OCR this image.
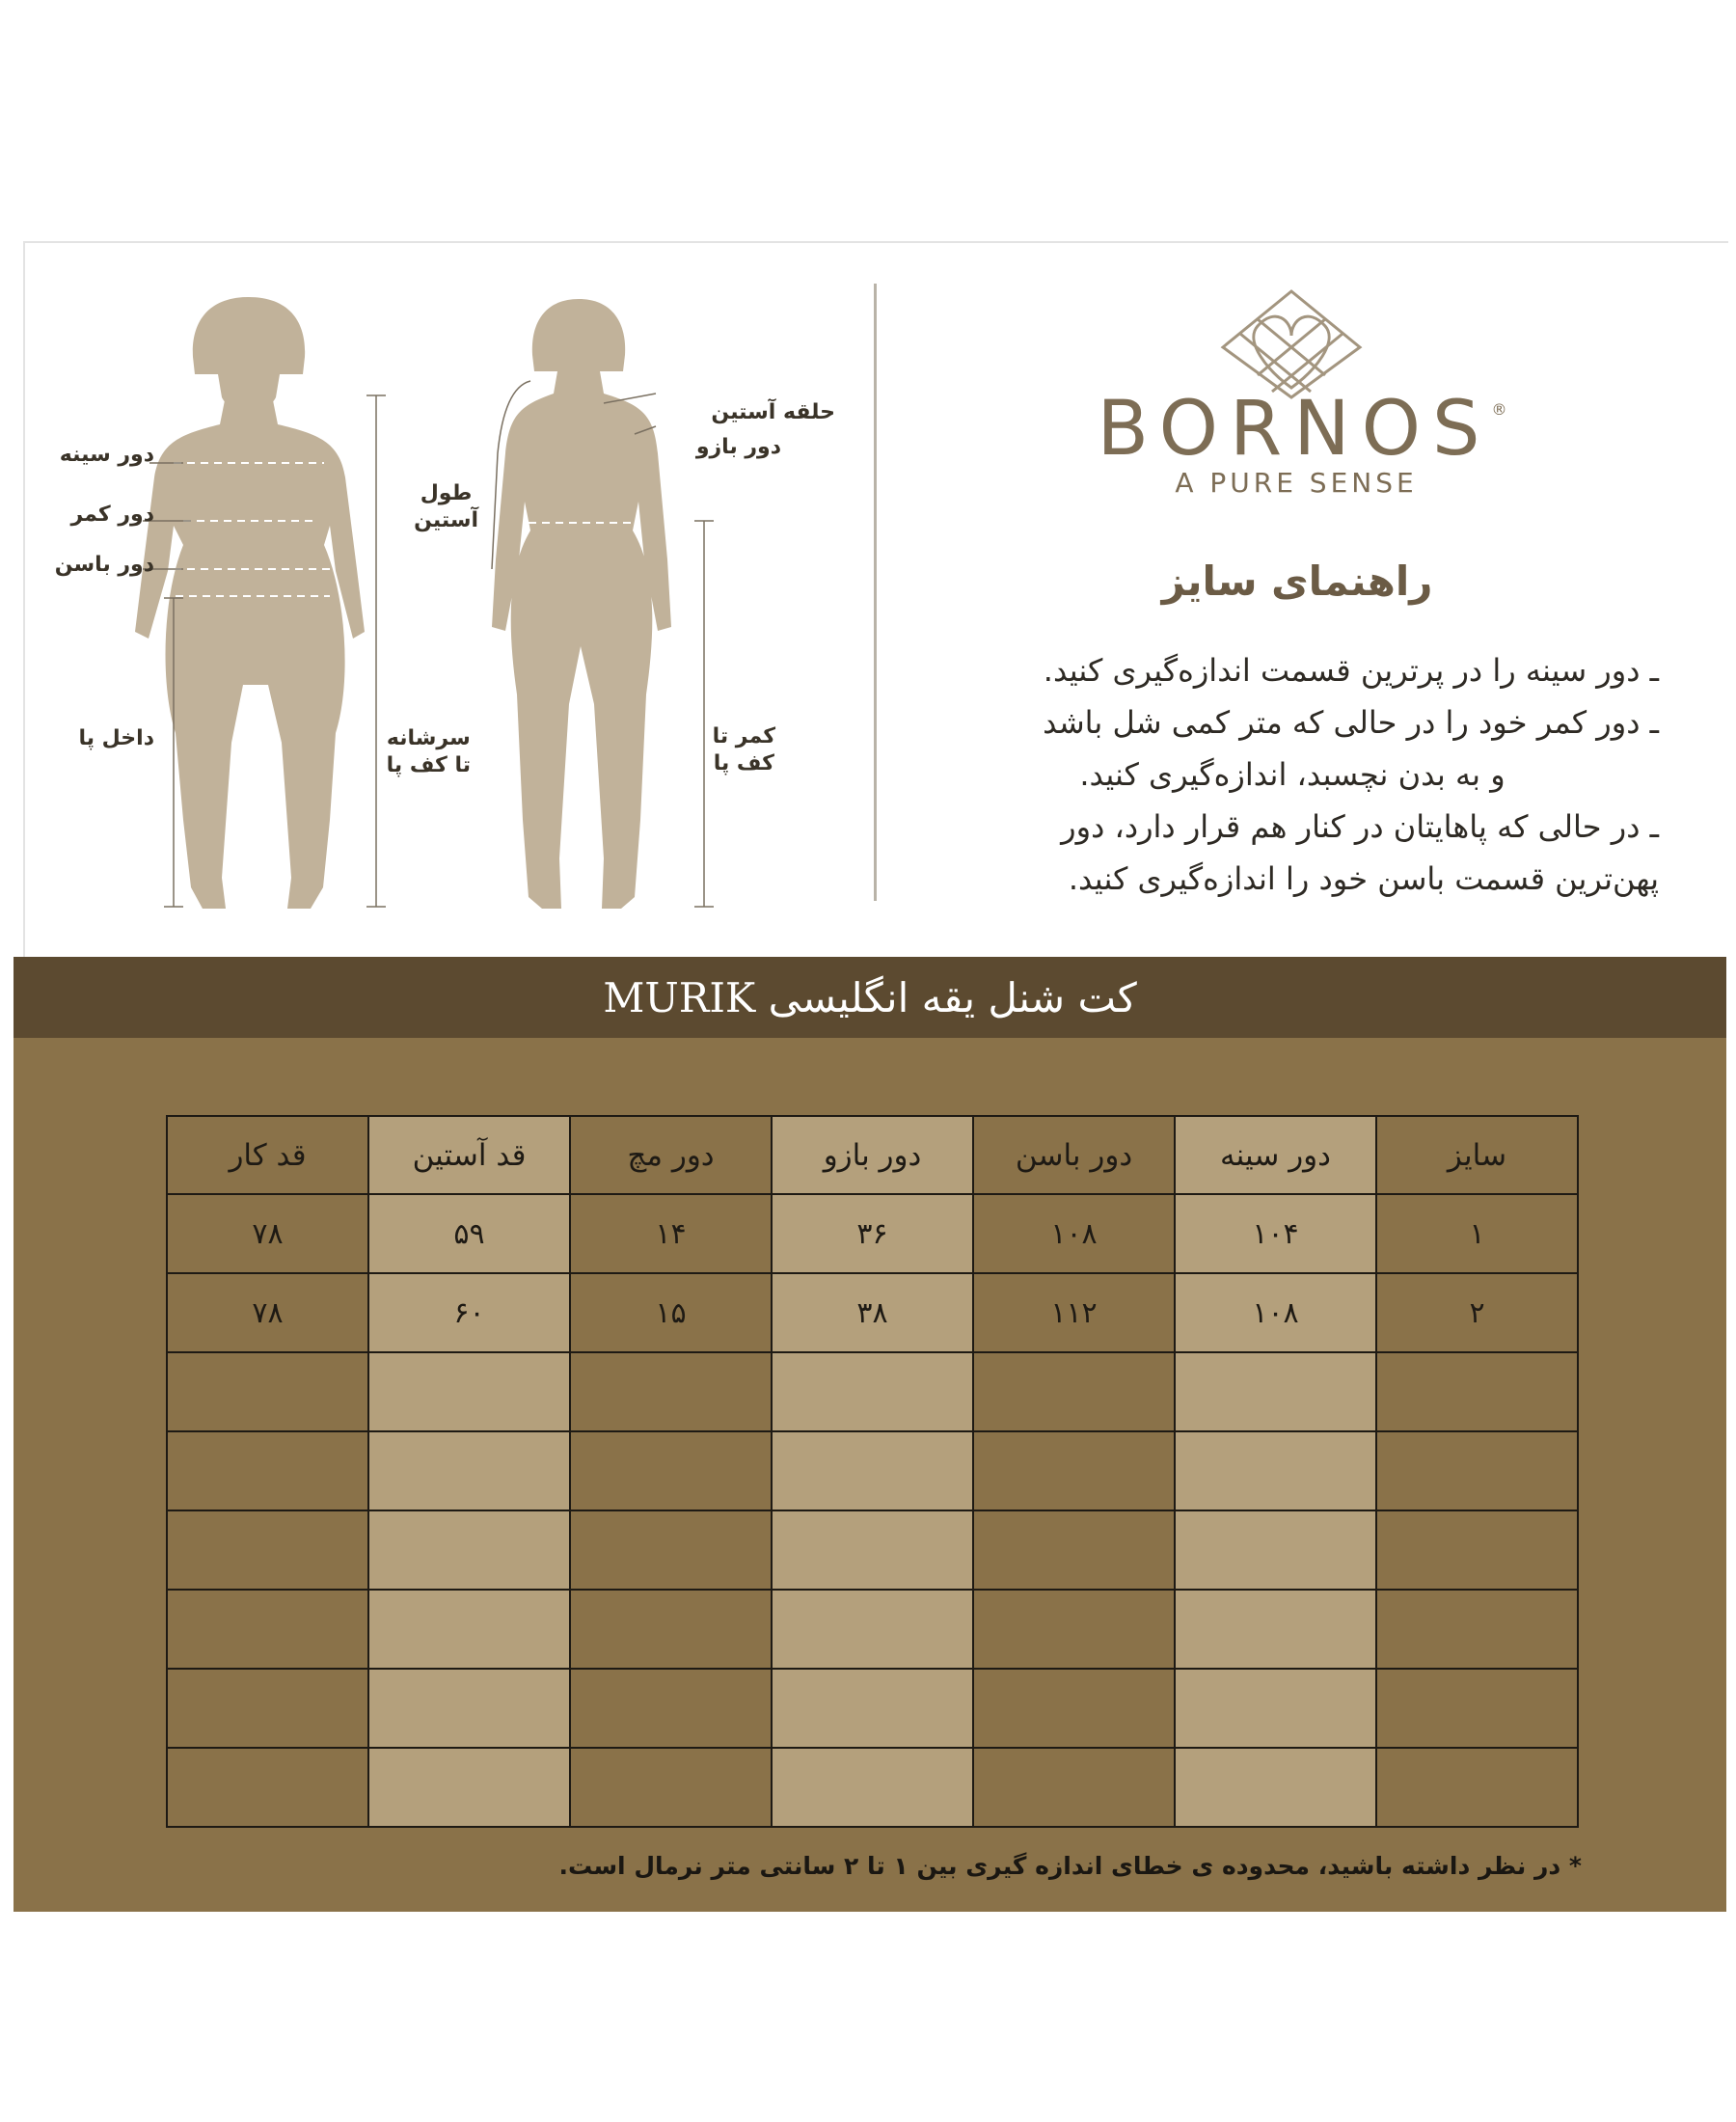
دور سینه
دور کمر
دور باسن
داخل پا	سرشانه
تا کف پا
حلقه آستین
دور بازو
طول
آستین
کمر تا
کف پا
BORNOS®
A PURE SENSE
راهنمای سایز
ـ دور سینه را در پرترین قسمت اندازه‌گیری کنید.
ـ دور کمر خود را در حالی که متر کمی شل باشد
و به بدن نچسبد، اندازه‌گیری کنید.
ـ در حالی که پاهایتان در کنار هم قرار دارد، دور
پهن‌ترین قسمت باسن خود را اندازه‌گیری کنید.
کت شنل یقه انگلیسی MURIK
سایز	دور سینه	دور باسن	دور بازو	دور مچ	قد آستین	قد کار
۱	۱۰۴	۱۰۸	۳۶	۱۴	۵۹	۷۸
۲	۱۰۸	۱۱۲	۳۸	۱۵	۶۰	۷۸

* در نظر داشته باشید، محدوده ی خطای اندازه گیری بین ۱ تا ۲ سانتی متر نرمال است.
